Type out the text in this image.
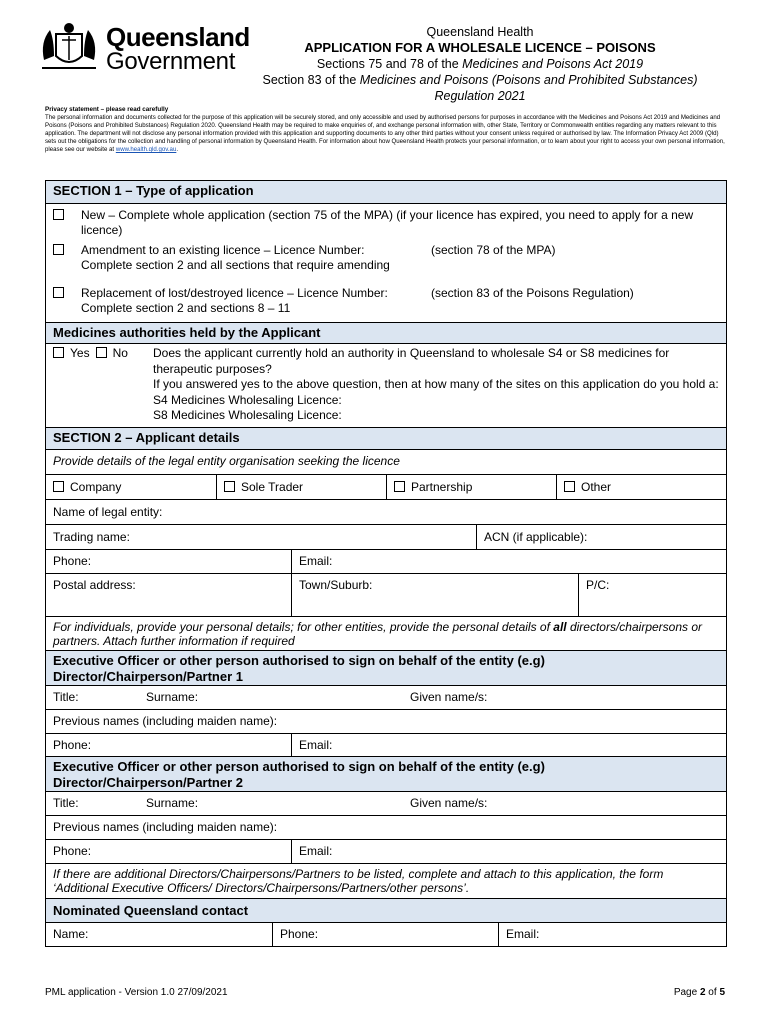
Queensland
Government
Queensland Health
APPLICATION FOR A WHOLESALE LICENCE – POISONS
Sections 75 and 78 of the Medicines and Poisons Act 2019
Section 83 of the Medicines and Poisons (Poisons and Prohibited Substances)
Regulation 2021
Privacy statement – please read carefully
The personal information and documents collected for the purpose of this application will be securely stored, and only accessible and used by authorised persons for purposes in accordance with the Medicines and Poisons Act 2019 and Medicines and Poisons (Poisons and Prohibited Substances) Regulation 2020. Queensland Health may be required to make enquiries of, and exchange personal information with, other State, Territory or Commonwealth entities regarding any matters relevant to this application. The department will not disclose any personal information provided with this application and supporting documents to any other third parties without your consent unless required or authorised by law. The Information Privacy Act 2009 (Qld) sets out the obligations for the collection and handling of personal information by Queensland Health. For information about how Queensland Health protects your personal information, or to learn about your right to access your own personal information, please see our website at www.health.qld.gov.au.
SECTION 1 – Type of application
New – Complete whole application (section 75 of the MPA) (if your licence has expired, you need to apply for a new licence)
Amendment to an existing licence – Licence Number:	(section 78 of the MPA)
Complete section 2 and all sections that require amending
Replacement of lost/destroyed licence – Licence Number:	(section 83 of the Poisons Regulation)
Complete section 2 and sections 8 – 11
Medicines authorities held by the Applicant
Yes No	Does the applicant currently hold an authority in Queensland to wholesale S4 or S8 medicines for therapeutic purposes?
If you answered yes to the above question, then at how many of the sites on this application do you hold a:
S4 Medicines Wholesaling Licence:
S8 Medicines Wholesaling Licence:
SECTION 2 – Applicant details
Provide details of the legal entity organisation seeking the licence
Company	Sole Trader	Partnership	Other
Name of legal entity:
Trading name:	ACN (if applicable):
Phone:	Email:
Postal address:	Town/Suburb:	P/C:
For individuals, provide your personal details; for other entities, provide the personal details of all directors/chairpersons or partners. Attach further information if required
Executive Officer or other person authorised to sign on behalf of the entity (e.g) Director/Chairperson/Partner 1
Title:	Surname:	Given name/s:
Previous names (including maiden name):
Phone:	Email:
Executive Officer or other person authorised to sign on behalf of the entity (e.g) Director/Chairperson/Partner 2
Title:	Surname:	Given name/s:
Previous names (including maiden name):
Phone:	Email:
If there are additional Directors/Chairpersons/Partners to be listed, complete and attach to this application, the form ‘Additional Executive Officers/ Directors/Chairpersons/Partners/other persons’.
Nominated Queensland contact
Name:	Phone:	Email:
PML application - Version 1.0 27/09/2021	Page 2 of 5
